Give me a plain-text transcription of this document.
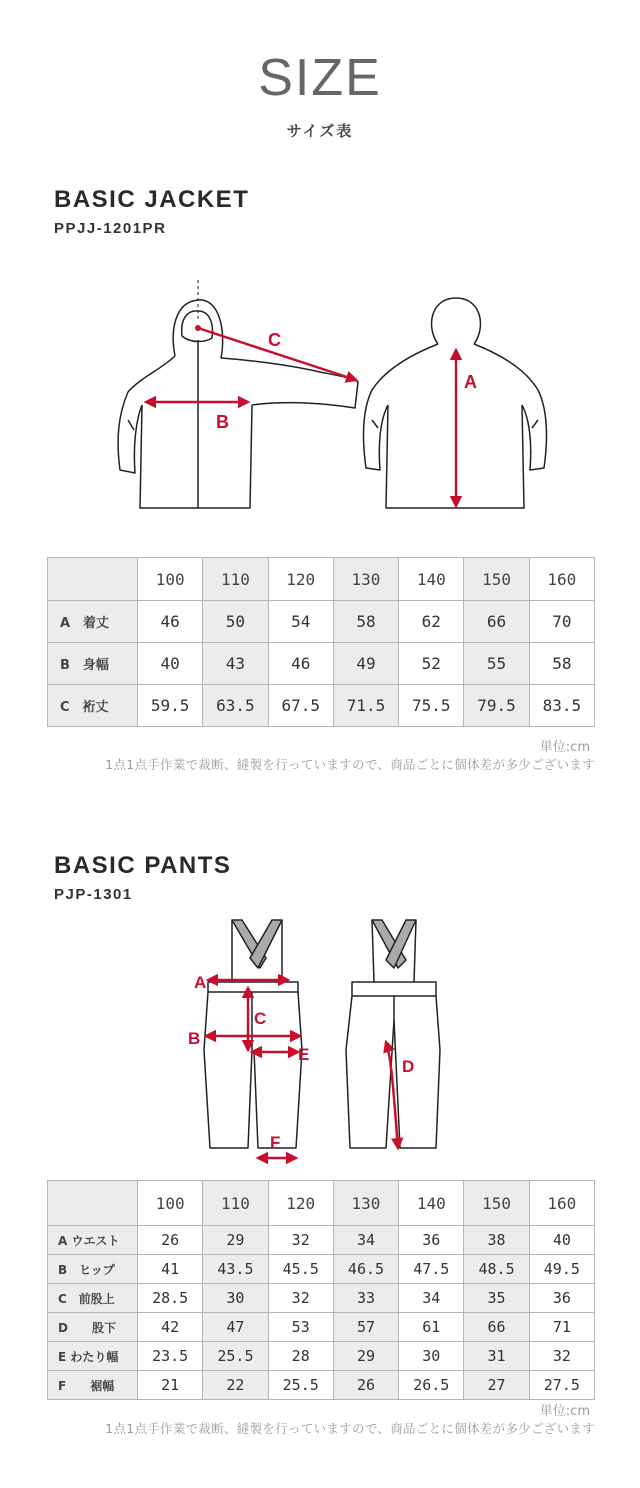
SIZE
サイズ表
BASIC JACKET
PPJJ-1201PR
B
C
A
	100	110	120	130	140	150	160
A　着丈	46	50	54	58	62	66	70
B　身幅	40	43	46	49	52	55	58
C　裄丈	59.5	63.5	67.5	71.5	75.5	79.5	83.5
単位:cm
1点1点手作業で裁断、縫製を行っていますので、商品ごとに個体差が多少ございます
BASIC PANTS
PJP-1301
A
C
B
E
F
D
	100	110	120	130	140	150	160
A ウエスト	26	29	32	34	36	38	40
B　ヒップ	41	43.5	45.5	46.5	47.5	48.5	49.5
C　前股上	28.5	30	32	33	34	35	36
D　　股下	42	47	53	57	61	66	71
E わたり幅	23.5	25.5	28	29	30	31	32
F　　裾幅	21	22	25.5	26	26.5	27	27.5
単位:cm
1点1点手作業で裁断、縫製を行っていますので、商品ごとに個体差が多少ございます
